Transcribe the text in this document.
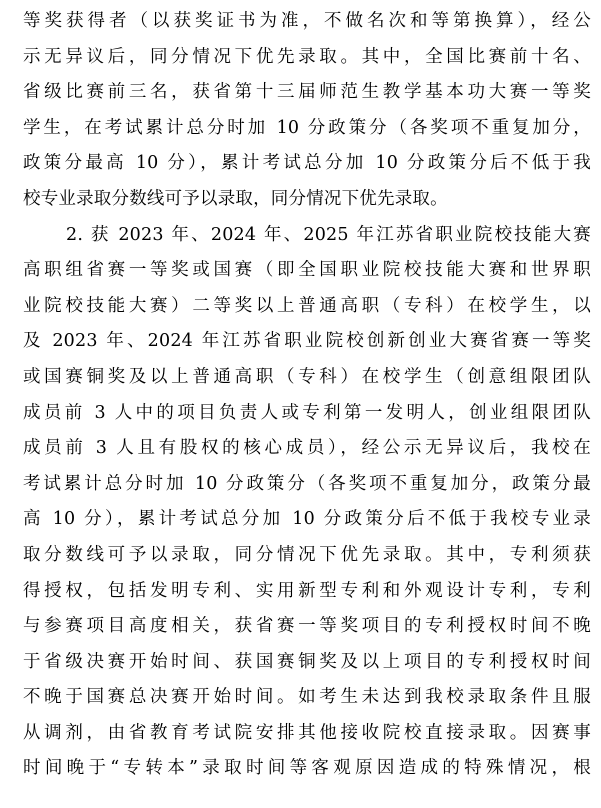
等奖获得者（以获奖证书为准，不做名次和等第换算），经公
示无异议后，同分情况下优先录取。其中，全国比赛前十名、
省级比赛前三名，获省第十三届师范生教学基本功大赛一等奖
学生，在考试累计总分时加 10 分政策分（各奖项不重复加分，
政策分最高 10 分），累计考试总分加 10 分政策分后不低于我
校专业录取分数线可予以录取，同分情况下优先录取。
2. 获 2023 年、2024 年、2025 年江苏省职业院校技能大赛
高职组省赛一等奖或国赛（即全国职业院校技能大赛和世界职
业院校技能大赛）二等奖以上普通高职（专科）在校学生，以
及 2023 年、2024 年江苏省职业院校创新创业大赛省赛一等奖
或国赛铜奖及以上普通高职（专科）在校学生（创意组限团队
成员前 3 人中的项目负责人或专利第一发明人，创业组限团队
成员前 3 人且有股权的核心成员），经公示无异议后，我校在
考试累计总分时加 10 分政策分（各奖项不重复加分，政策分最
高 10 分），累计考试总分加 10 分政策分后不低于我校专业录
取分数线可予以录取，同分情况下优先录取。其中，专利须获
得授权，包括发明专利、实用新型专利和外观设计专利，专利
与参赛项目高度相关，获省赛一等奖项目的专利授权时间不晚
于省级决赛开始时间、获国赛铜奖及以上项目的专利授权时间
不晚于国赛总决赛开始时间。如考生未达到我校录取条件且服
从调剂，由省教育考试院安排其他接收院校直接录取。因赛事
时间晚于“专转本”录取时间等客观原因造成的特殊情况，根
